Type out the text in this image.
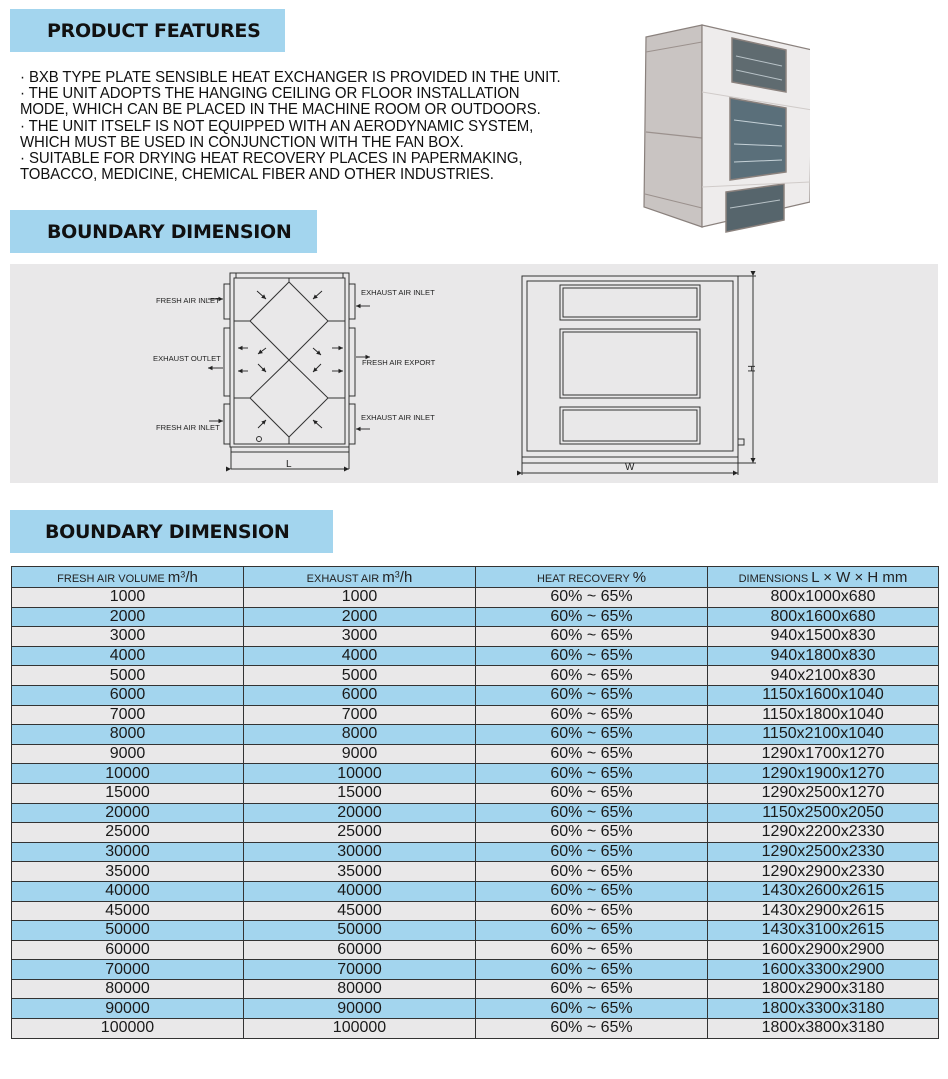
PRODUCT FEATURES

· BXB TYPE PLATE SENSIBLE HEAT EXCHANGER IS PROVIDED IN THE UNIT.

· THE UNIT ADOPTS THE HANGING CEILING OR FLOOR INSTALLATION

MODE, WHICH CAN BE PLACED IN THE MACHINE ROOM OR OUTDOORS.

· THE UNIT ITSELF IS NOT EQUIPPED WITH AN AERODYNAMIC SYSTEM,

WHICH MUST BE USED IN CONJUNCTION WITH THE FAN BOX.

· SUITABLE FOR DRYING HEAT RECOVERY PLACES IN PAPERMAKING,

TOBACCO, MEDICINE, CHEMICAL FIBER AND OTHER INDUSTRIES.

BOUNDARY DIMENSION
FRESH AIR INLET
EXHAUST OUTLET
FRESH AIR INLET
EXHAUST AIR INLET
FRESH AIR EXPORT
EXHAUST AIR INLET
L	W
H
BOUNDARY DIMENSION
FRESH AIR VOLUME $m^3/h$	EXHAUST AIR $m^3/h$	HEAT RECOVERY %	DIMENSIONS L × W × H mm
1000	1000	60% ~ 65%	800x1000x680
2000	2000	60% ~ 65%	800x1600x680
3000	3000	60% ~ 65%	940x1500x830
4000	4000	60% ~ 65%	940x1800x830
5000	5000	60% ~ 65%	940x2100x830
6000	6000	60% ~ 65%	1150x1600x1040
7000	7000	60% ~ 65%	1150x1800x1040
8000	8000	60% ~ 65%	1150x2100x1040
9000	9000	60% ~ 65%	1290x1700x1270
10000	10000	60% ~ 65%	1290x1900x1270
15000	15000	60% ~ 65%	1290x2500x1270
20000	20000	60% ~ 65%	1150x2500x2050
25000	25000	60% ~ 65%	1290x2200x2330
30000	30000	60% ~ 65%	1290x2500x2330
35000	35000	60% ~ 65%	1290x2900x2330
40000	40000	60% ~ 65%	1430x2600x2615
45000	45000	60% ~ 65%	1430x2900x2615
50000	50000	60% ~ 65%	1430x3100x2615
60000	60000	60% ~ 65%	1600x2900x2900
70000	70000	60% ~ 65%	1600x3300x2900
80000	80000	60% ~ 65%	1800x2900x3180
90000	90000	60% ~ 65%	1800x3300x3180
100000	100000	60% ~ 65%	1800x3800x3180
